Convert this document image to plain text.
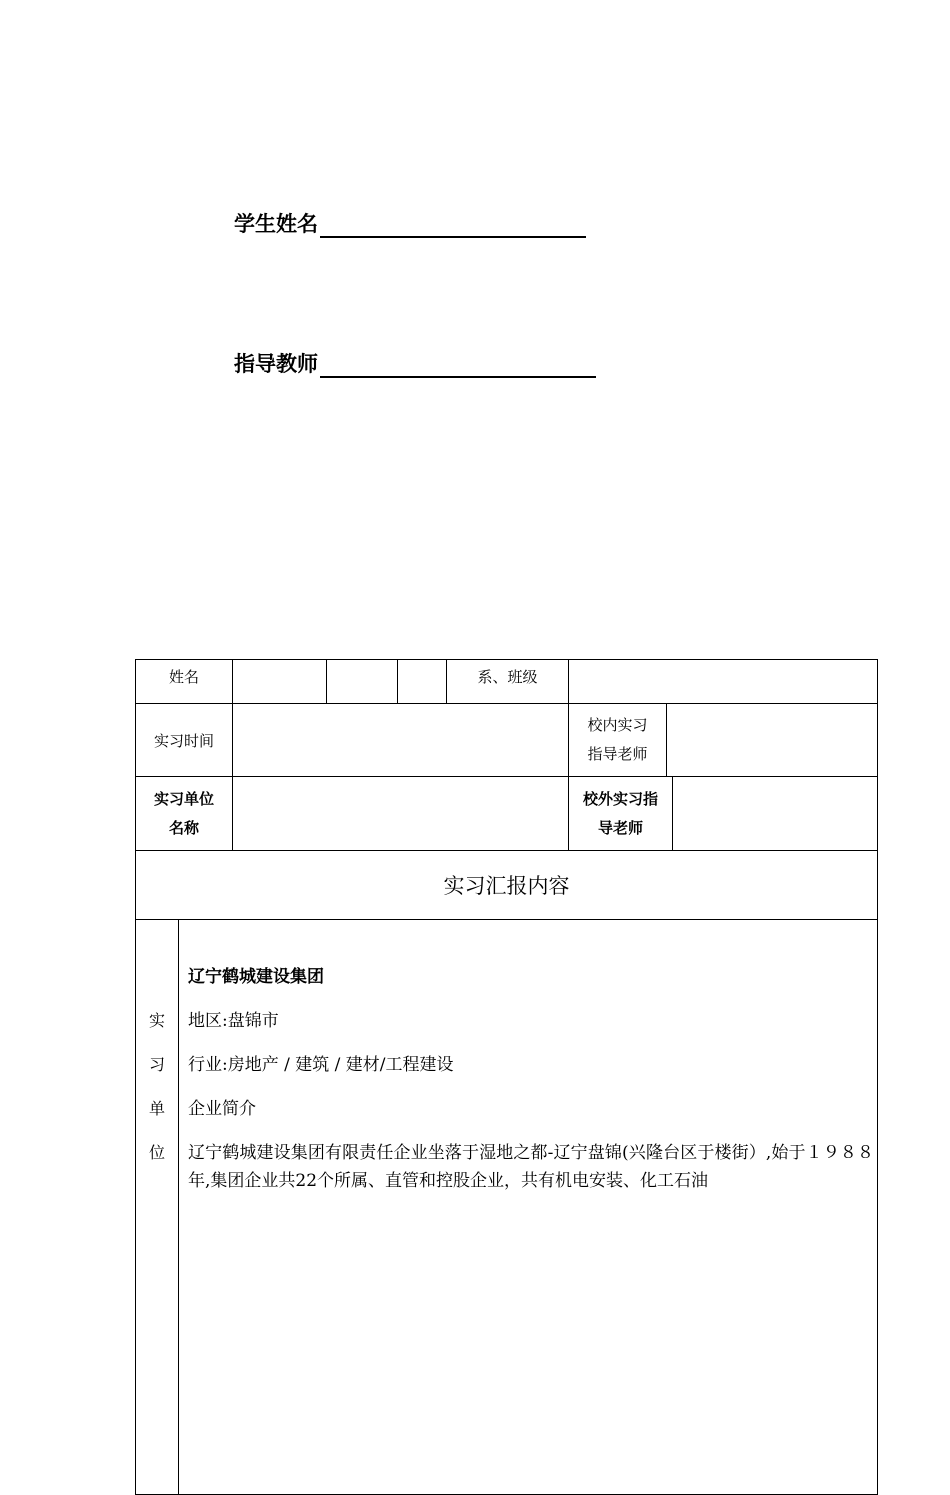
学生姓名
指导教师
姓名	系、班级
实习时间
校内实习
指导老师
实习单位
名称
校外实习指
导老师
实习汇报内容
实
习
单
位

辽宁鹤城建设集团

地区:盘锦市

行业:房地产 / 建筑 / 建材/工程建设

企业简介

辽宁鹤城建设集团有限责任企业坐落于湿地之都-辽宁盘锦(兴隆台区于楼街）,始于１９８８年,集团企业共22个所属、直管和控股企业，共有机电安装、化工石油
